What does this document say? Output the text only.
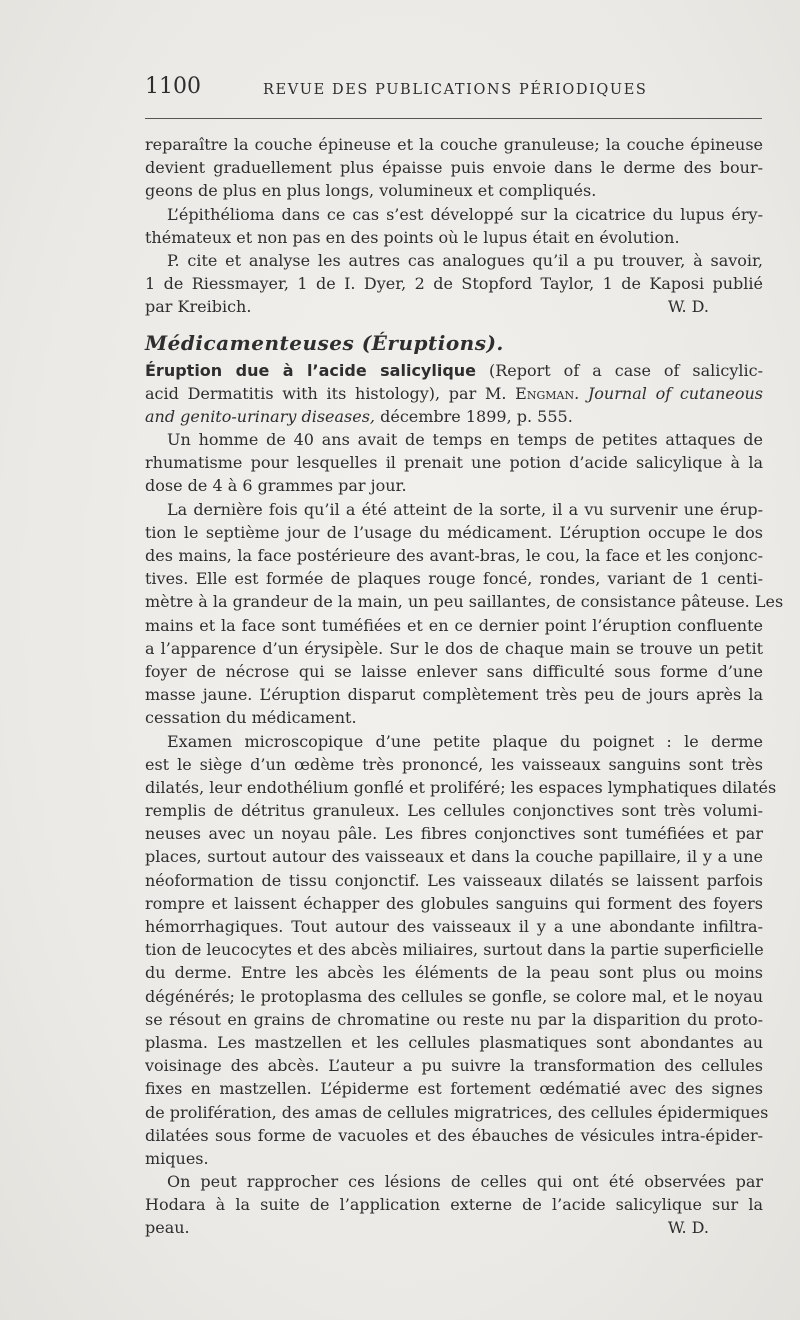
1100	REVUE DES PUBLICATIONS PÉRIODIQUES
reparaître la couche épineuse et la couche granuleuse; la couche épineuse
devient graduellement plus épaisse puis envoie dans le derme des bour-
geons de plus en plus longs, volumineux et compliqués.
L’épithélioma dans ce cas s’est développé sur la cicatrice du lupus éry-
thémateux et non pas en des points où le lupus était en évolution.
P. cite et analyse les autres cas analogues qu’il a pu trouver, à savoir,
1 de Riessmayer, 1 de I. Dyer, 2 de Stopford Taylor, 1 de Kaposi publié
par Kreibich.	W. D.
Médicamenteuses (Éruptions).
Éruption due à l’acide salicylique (Report of a case of salicylic-
acid Dermatitis with its histology), par M. Engman. Journal of cutaneous
and genito-urinary diseases, décembre 1899, p. 555.
Un homme de 40 ans avait de temps en temps de petites attaques de
rhumatisme pour lesquelles il prenait une potion d’acide salicylique à la
dose de 4 à 6 grammes par jour.
La dernière fois qu’il a été atteint de la sorte, il a vu survenir une érup-
tion le septième jour de l’usage du médicament. L’éruption occupe le dos
des mains, la face postérieure des avant-bras, le cou, la face et les conjonc-
tives. Elle est formée de plaques rouge foncé, rondes, variant de 1 centi-
mètre à la grandeur de la main, un peu saillantes, de consistance pâteuse. Les
mains et la face sont tuméfiées et en ce dernier point l’éruption confluente
a l’apparence d’un érysipèle. Sur le dos de chaque main se trouve un petit
foyer de nécrose qui se laisse enlever sans difficulté sous forme d’une
masse jaune. L’éruption disparut complètement très peu de jours après la
cessation du médicament.
Examen microscopique d’une petite plaque du poignet : le derme
est le siège d’un œdème très prononcé, les vaisseaux sanguins sont très
dilatés, leur endothélium gonflé et proliféré; les espaces lymphatiques dilatés
remplis de détritus granuleux. Les cellules conjonctives sont très volumi-
neuses avec un noyau pâle. Les fibres conjonctives sont tuméfiées et par
places, surtout autour des vaisseaux et dans la couche papillaire, il y a une
néoformation de tissu conjonctif. Les vaisseaux dilatés se laissent parfois
rompre et laissent échapper des globules sanguins qui forment des foyers
hémorrhagiques. Tout autour des vaisseaux il y a une abondante infiltra-
tion de leucocytes et des abcès miliaires, surtout dans la partie superficielle
du derme. Entre les abcès les éléments de la peau sont plus ou moins
dégénérés; le protoplasma des cellules se gonfle, se colore mal, et le noyau
se résout en grains de chromatine ou reste nu par la disparition du proto-
plasma. Les mastzellen et les cellules plasmatiques sont abondantes au
voisinage des abcès. L’auteur a pu suivre la transformation des cellules
fixes en mastzellen. L’épiderme est fortement œdématié avec des signes
de prolifération, des amas de cellules migratrices, des cellules épidermiques
dilatées sous forme de vacuoles et des ébauches de vésicules intra-épider-
miques.
On peut rapprocher ces lésions de celles qui ont été observées par
Hodara à la suite de l’application externe de l’acide salicylique sur la
peau.	W. D.
